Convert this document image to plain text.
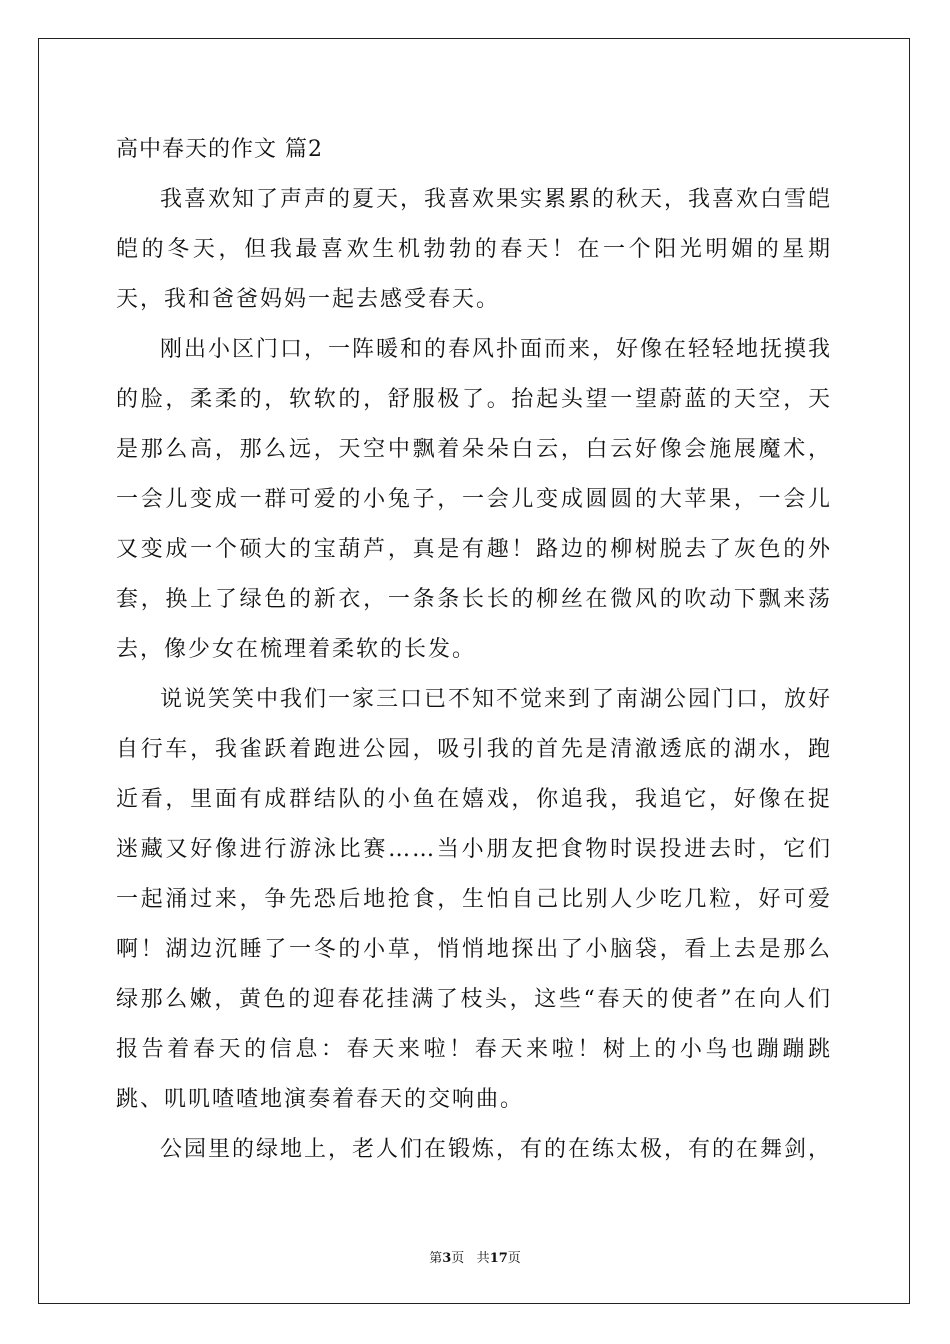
高中春天的作文 篇2

我喜欢知了声声的夏天，我喜欢果实累累的秋天，我喜欢白雪皑皑的冬天，但我最喜欢生机勃勃的春天！在一个阳光明媚的星期天，我和爸爸妈妈一起去感受春天。

刚出小区门口，一阵暖和的春风扑面而来，好像在轻轻地抚摸我的脸，柔柔的，软软的，舒服极了。抬起头望一望蔚蓝的天空，天是那么高，那么远，天空中飘着朵朵白云，白云好像会施展魔术，一会儿变成一群可爱的小兔子，一会儿变成圆圆的大苹果，一会儿又变成一个硕大的宝葫芦，真是有趣！路边的柳树脱去了灰色的外套，换上了绿色的新衣，一条条长长的柳丝在微风的吹动下飘来荡去，像少女在梳理着柔软的长发。

说说笑笑中我们一家三口已不知不觉来到了南湖公园门口，放好自行车，我雀跃着跑进公园，吸引我的首先是清澈透底的湖水，跑近看，里面有成群结队的小鱼在嬉戏，你追我，我追它，好像在捉迷藏又好像进行游泳比赛……当小朋友把食物时误投进去时，它们一起涌过来，争先恐后地抢食，生怕自己比别人少吃几粒，好可爱啊！湖边沉睡了一冬的小草，悄悄地探出了小脑袋，看上去是那么绿那么嫩，黄色的迎春花挂满了枝头，这些“春天的使者”在向人们报告着春天的信息：春天来啦！春天来啦！树上的小鸟也蹦蹦跳跳、叽叽喳喳地演奏着春天的交响曲。

公园里的绿地上，老人们在锻炼，有的在练太极，有的在舞剑，

第3页 共17页
